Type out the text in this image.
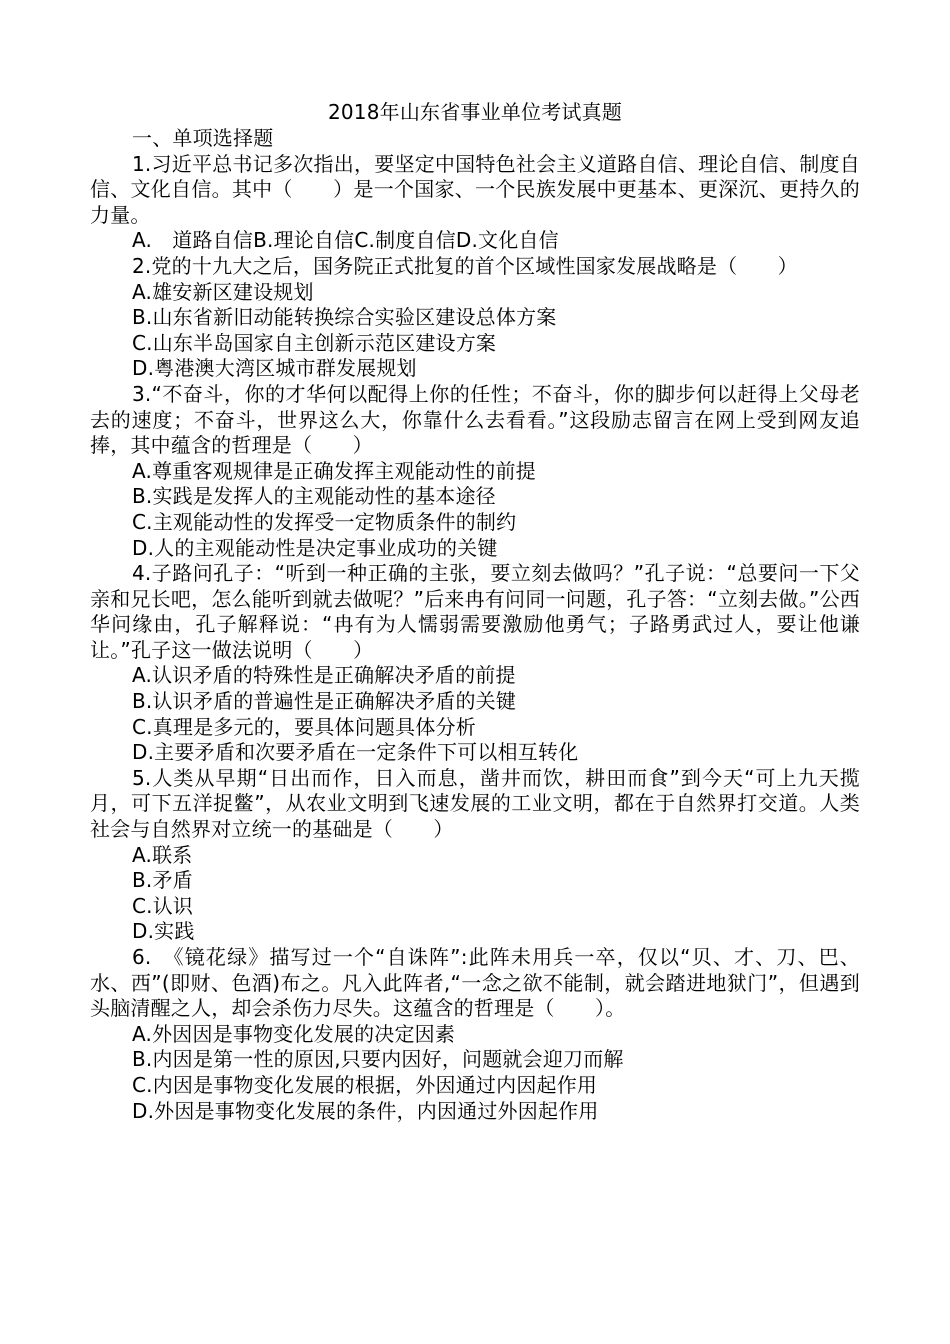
2018年山东省事业单位考试真题

一、单项选择题

1.习近平总书记多次指出，要坚定中国特色社会主义道路自信、理论自信、制度自信、文化自信。其中（　　）是一个国家、一个民族发展中更基本、更深沉、更持久的力量。

A.　道路自信B.理论自信C.制度自信D.文化自信

2.党的十九大之后，国务院正式批复的首个区域性国家发展战略是（　　）

A.雄安新区建设规划

B.山东省新旧动能转换综合实验区建设总体方案

C.山东半岛国家自主创新示范区建设方案

D.粤港澳大湾区城市群发展规划

3.“不奋斗，你的才华何以配得上你的任性；不奋斗，你的脚步何以赶得上父母老去的速度；不奋斗，世界这么大，你靠什么去看看。”这段励志留言在网上受到网友追捧，其中蕴含的哲理是（　　）

A.尊重客观规律是正确发挥主观能动性的前提

B.实践是发挥人的主观能动性的基本途径

C.主观能动性的发挥受一定物质条件的制约

D.人的主观能动性是决定事业成功的关键

4.子路问孔子：“听到一种正确的主张，要立刻去做吗？”孔子说：“总要问一下父亲和兄长吧，怎么能听到就去做呢？”后来冉有问同一问题，孔子答：“立刻去做。”公西华问缘由，孔子解释说：“冉有为人懦弱需要激励他勇气；子路勇武过人，要让他谦让。”孔子这一做法说明（　　）

A.认识矛盾的特殊性是正确解决矛盾的前提

B.认识矛盾的普遍性是正确解决矛盾的关键

C.真理是多元的，要具体问题具体分析

D.主要矛盾和次要矛盾在一定条件下可以相互转化

5.人类从早期“日出而作，日入而息，凿井而饮，耕田而食”到今天“可上九天揽月，可下五洋捉鳖”，从农业文明到飞速发展的工业文明，都在于自然界打交道。人类社会与自然界对立统一的基础是（　　）

A.联系

B.矛盾

C.认识

D.实践

6.　《镜花绿》描写过一个“自诛阵”:此阵未用兵一卒，仅以“贝、才、刀、巴、水、西”(即财、色酒)布之。凡入此阵者,“一念之欲不能制，就会踏进地狱门”，但遇到头脑清醒之人，却会杀伤力尽失。这蕴含的哲理是（　　）。

A.外因因是事物变化发展的决定因素

B.内因是第一性的原因,只要内因好，问题就会迎刀而解

C.内因是事物变化发展的根据，外因通过内因起作用

D.外因是事物变化发展的条件，内因通过外因起作用
